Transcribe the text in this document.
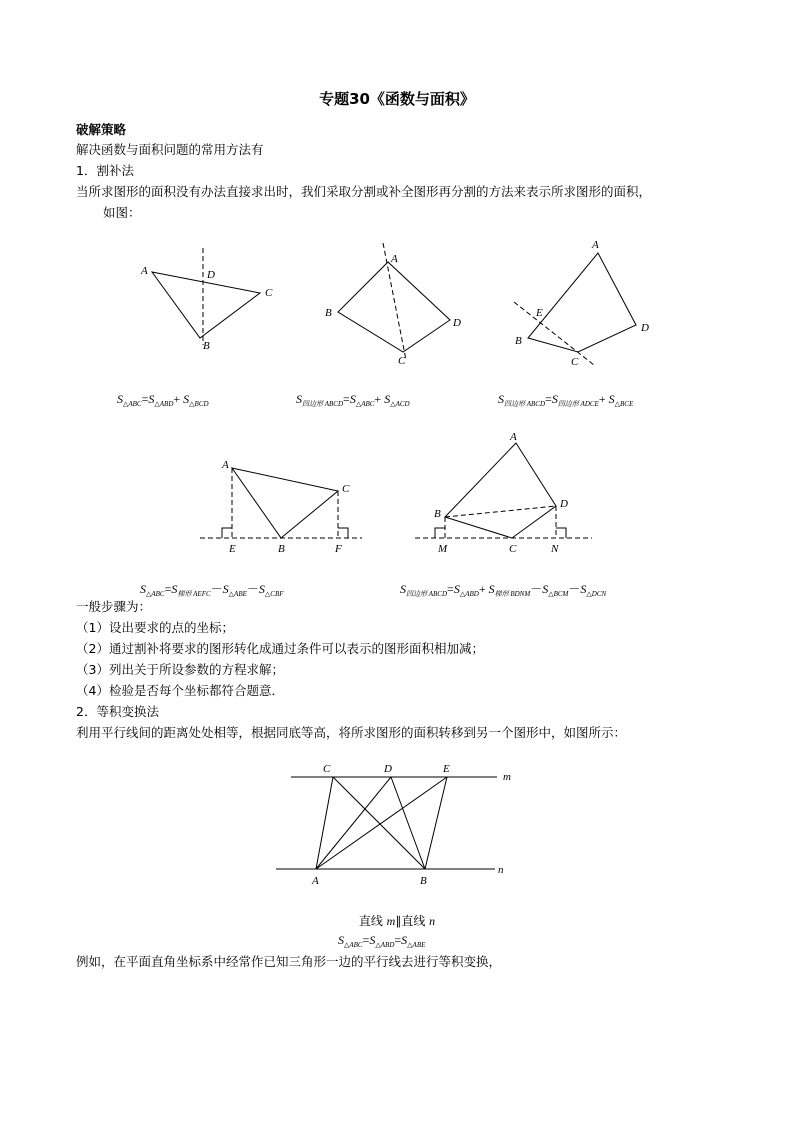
专题30《函数与面积》
破解策略
解决函数与面积问题的常用方法有
1．割补法
当所求图形的面积没有办法直接求出时，我们采取分割或补全图形再分割的方法来表示所求图形的面积，
如图：
A	D
C
B
A
B
D
C
A
E
D
B
C
$S_{\triangle ABC}=S_{\triangle ABD}+ S_{\triangle BCD}$	$S_{四边形 ABCD}=S_{\triangle ABC}+ S_{\triangle ACD}$	$S_{四边形 ABCD}=S_{四边形 ADCE}+ S_{\triangle BCE}$
A
C
E	B	F
A
D
B
M	C	N
$S_{\triangle ABC}=S_{梯形 AEFC}-S_{\triangle ABE}-S_{\triangle CBF}$	$S_{四边形 ABCD}=S_{\triangle ABD}+ S_{梯形 BDNM}-S_{\triangle BCM}-S_{\triangle DCN}$
一般步骤为：
（1）设出要求的点的坐标；
（2）通过割补将要求的图形转化成通过条件可以表示的图形面积相加减；
（3）列出关于所设参数的方程求解；
（4）检验是否每个坐标都符合题意．
2．等积变换法
利用平行线间的距离处处相等，根据同底等高，将所求图形的面积转移到另一个图形中，如图所示：
C	D	E
m
A	B
n
直线 m∥直线 n
$S_{\triangle ABC}=S_{\triangle ABD}=S_{\triangle ABE}$
例如，在平面直角坐标系中经常作已知三角形一边的平行线去进行等积变换，
